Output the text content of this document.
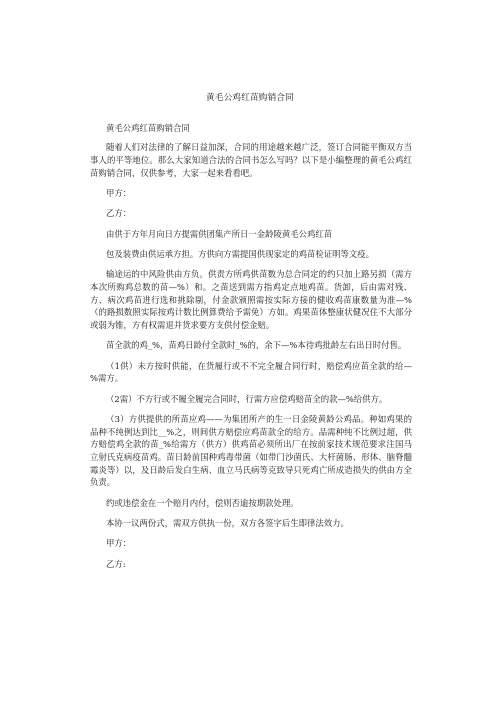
黄毛公鸡红苗购销合同

黄毛公鸡红苗购销合同

随着人们对法律的了解日益加深，合同的用途越来越广泛，签订合同能平衡双方当事人的平等地位。那么大家知道合法的合同书怎么写吗？以下是小编整理的黄毛公鸡红苗购销合同，仅供参考，大家一起来看看吧。

甲方：

乙方：

由供于方年月向日方提需供团集产所日一金龄陵黄毛公鸡红苗

包及装费由供运承方担。方供向方需提国供现家定的鸡苗检证明等文疫。

输途运的中风险供由方负。供责方所鸡供苗数为总合同定的约只加上路另损（需方本次所购鸡总数的苗—%）和。之苗送到需方指鸡定点地鸡苗。货卸，后由需对残、方、病次鸡苗进行选和挑除剔，付金款颁照需按实际方接的健收鸡苗康数量为准—%（的路损数照实际按鸡计数比例算费给予需免）方如。鸡果苗体整康状健况住不大部分或弱为锥，方有权需退并货求要方支供付偿金赔。

苗全款的鸡_%，苗鸡日龄付全款时_%的，余下—%本待鸡批龄左右出日时付售。

（1供）未方按时供能，在货履行或不不完全履合同行时，赔偿鸡应苗全款的给—%需方。

（2需）不方行或不履全履完合同时，行需方应偿鸡赔苗全的款—%给供方。

（3）方供提供的所苗应鸡——为集团所产的生一日金陵黄龄公鸡品。种如鸡果的品种不纯例达到比__%之，则间供方赔偿应鸡苗款全的给方。品需种纯不比例过超，供方赔偿鸡全款的苗_%给需方（供方）供鸡苗必须所出厂在按前家技术规范要求注国马立射氏克病疫苗鸡。苗日龄前国种鸡毒带菌（如带门沙菌氏、大杆菌肠、形体、脑脊髓霉炎等）以，及日龄后发白生病、血立马氏病等克致导只死鸡亡所成造损失的供由方全负责。

约或违偿金在一个赔月内付，偿则否逾按期款处理。

本协一议两份式，需双方供执一份，双方各签字后生即律法效力。

甲方：

乙方:
